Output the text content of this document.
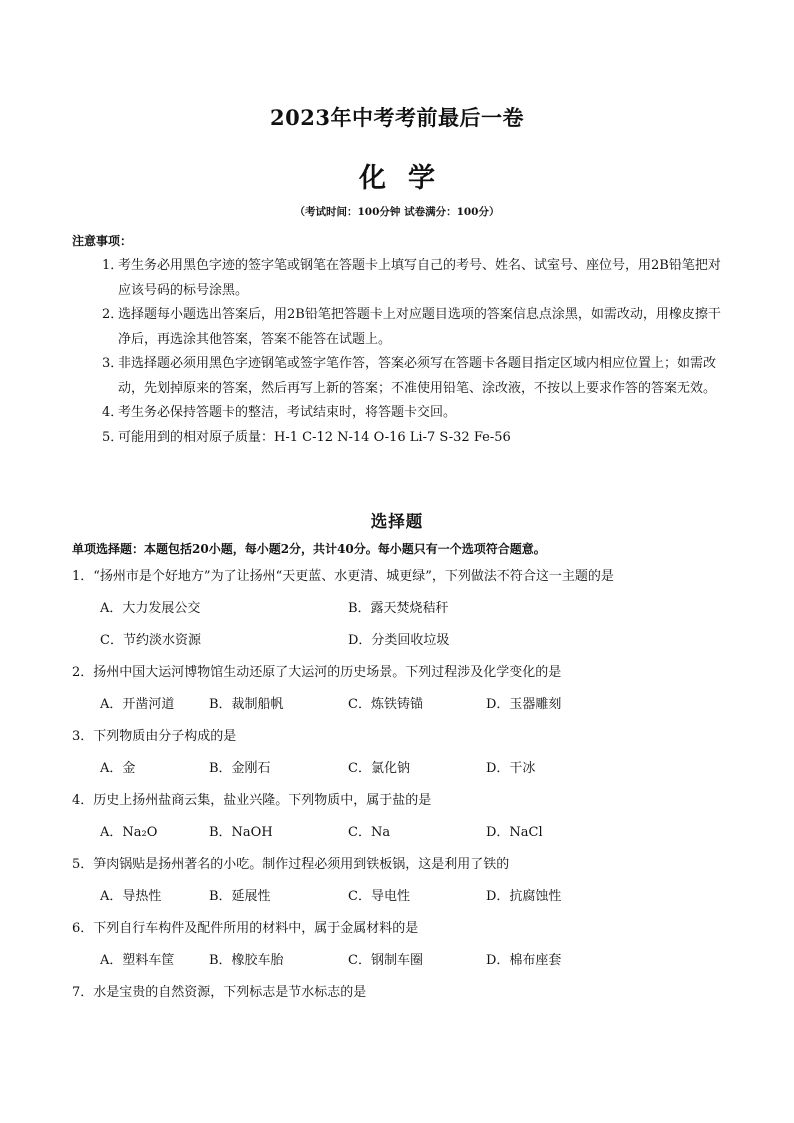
2023年中考考前最后一卷
化学
（考试时间：100分钟 试卷满分：100分）
注意事项：
1．
考生务必用黑色字迹的签字笔或钢笔在答题卡上填写自己的考号、姓名、试室号、座位号，用2B铅笔把对应该号码的标号涂黑。
2．
选择题每小题选出答案后，用2B铅笔把答题卡上对应题目选项的答案信息点涂黑，如需改动，用橡皮擦干净后，再选涂其他答案，答案不能答在试题上。
3．
非选择题必须用黑色字迹钢笔或签字笔作答，答案必须写在答题卡各题目指定区域内相应位置上；如需改动，先划掉原来的答案，然后再写上新的答案；不准使用铅笔、涂改液，不按以上要求作答的答案无效。
4．
考生务必保持答题卡的整洁，考试结束时，将答题卡交回。
5．
可能用到的相对原子质量：H-1 C-12 N-14 O-16 Li-7 S-32 Fe-56
选择题
单项选择题：本题包括20小题，每小题2分，共计40分。每小题只有一个选项符合题意。
1．“扬州市是个好地方”为了让扬州“天更蓝、水更清、城更绿”，下列做法不符合这一主题的是
A．大力发展公交	B．露天焚烧秸秆
C．节约淡水资源	D．分类回收垃圾
2．扬州中国大运河博物馆生动还原了大运河的历史场景。下列过程涉及化学变化的是
A．开凿河道	B．裁制船帆	C．炼铁铸锚	D．玉器雕刻
3．下列物质由分子构成的是
A．金	B．金刚石	C．氯化钠	D．干冰
4．历史上扬州盐商云集，盐业兴隆。下列物质中，属于盐的是
A．Na₂O	B．NaOH	C．Na	D．NaCl
5．笋肉锅贴是扬州著名的小吃。制作过程必须用到铁板锅，这是利用了铁的
A．导热性	B．延展性	C．导电性	D．抗腐蚀性
6．下列自行车构件及配件所用的材料中，属于金属材料的是
A．塑料车筐	B．橡胶车胎	C．钢制车圈	D．棉布座套
7．水是宝贵的自然资源，下列标志是节水标志的是
